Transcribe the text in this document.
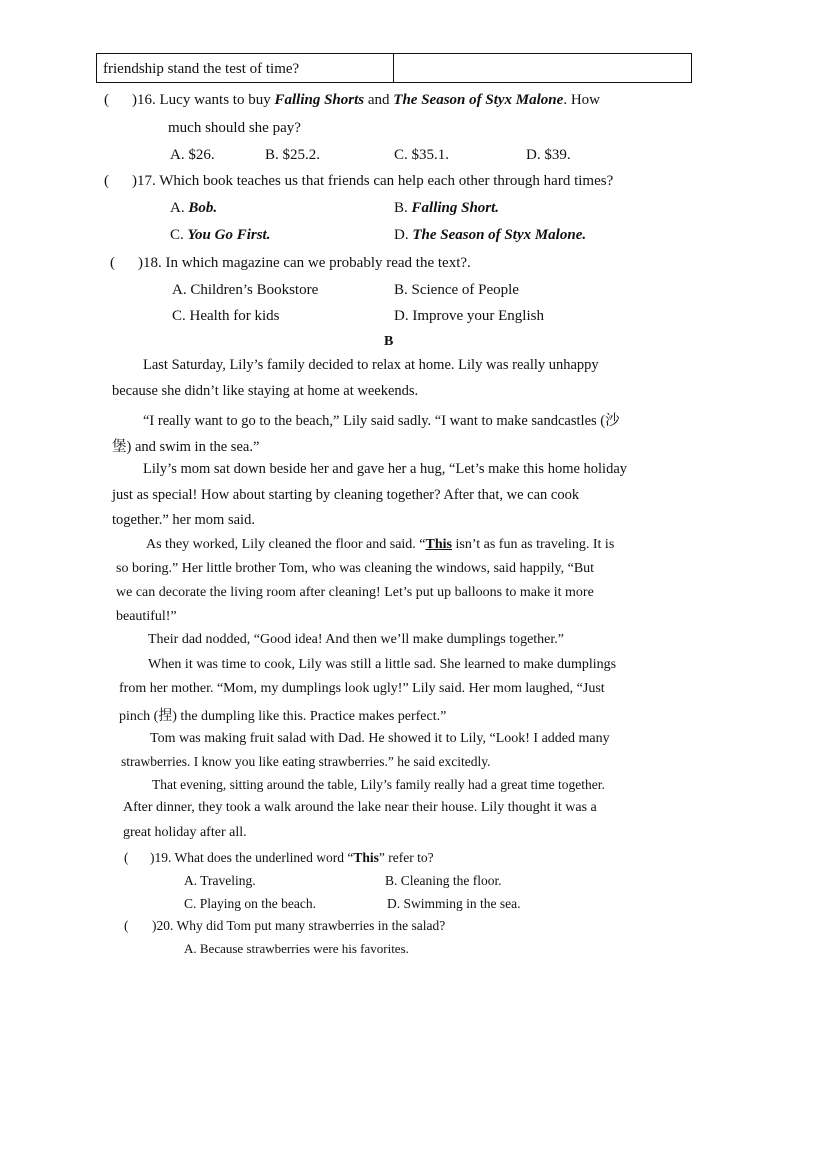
friendship stand the test of time?
( )16. Lucy wants to buy Falling Shorts and The Season of Styx Malone. How
much should she pay?
A. $26.	B. $25.2.	C. $35.1.	D. $39.
( )17. Which book teaches us that friends can help each other through hard times?
A. Bob.	B. Falling Short.
C. You Go First.	D. The Season of Styx Malone.
( )18. In which magazine can we probably read the text?.
A. Children’s Bookstore	B. Science of People
C. Health for kids	D. Improve your English
B
Last Saturday, Lily’s family decided to relax at home. Lily was really unhappy
because she didn’t like staying at home at weekends.
“I really want to go to the beach,” Lily said sadly. “I want to make sandcastles (沙
堡) and swim in the sea.”
Lily’s mom sat down beside her and gave her a hug, “Let’s make this home holiday
just as special! How about starting by cleaning together? After that, we can cook
together.” her mom said.
As they worked, Lily cleaned the floor and said. “This isn’t as fun as traveling. It is
so boring.” Her little brother Tom, who was cleaning the windows, said happily, “But
we can decorate the living room after cleaning! Let’s put up balloons to make it more
beautiful!”
Their dad nodded, “Good idea! And then we’ll make dumplings together.”
When it was time to cook, Lily was still a little sad. She learned to make dumplings
from her mother. “Mom, my dumplings look ugly!” Lily said. Her mom laughed, “Just
pinch (捏) the dumpling like this. Practice makes perfect.”
Tom was making fruit salad with Dad. He showed it to Lily, “Look! I added many
strawberries. I know you like eating strawberries.” he said excitedly.
That evening, sitting around the table, Lily’s family really had a great time together.
After dinner, they took a walk around the lake near their house. Lily thought it was a
great holiday after all.
( )19. What does the underlined word “This” refer to?
A. Traveling.	B. Cleaning the floor.
C. Playing on the beach.	D. Swimming in the sea.
( )20. Why did Tom put many strawberries in the salad?
A. Because strawberries were his favorites.
